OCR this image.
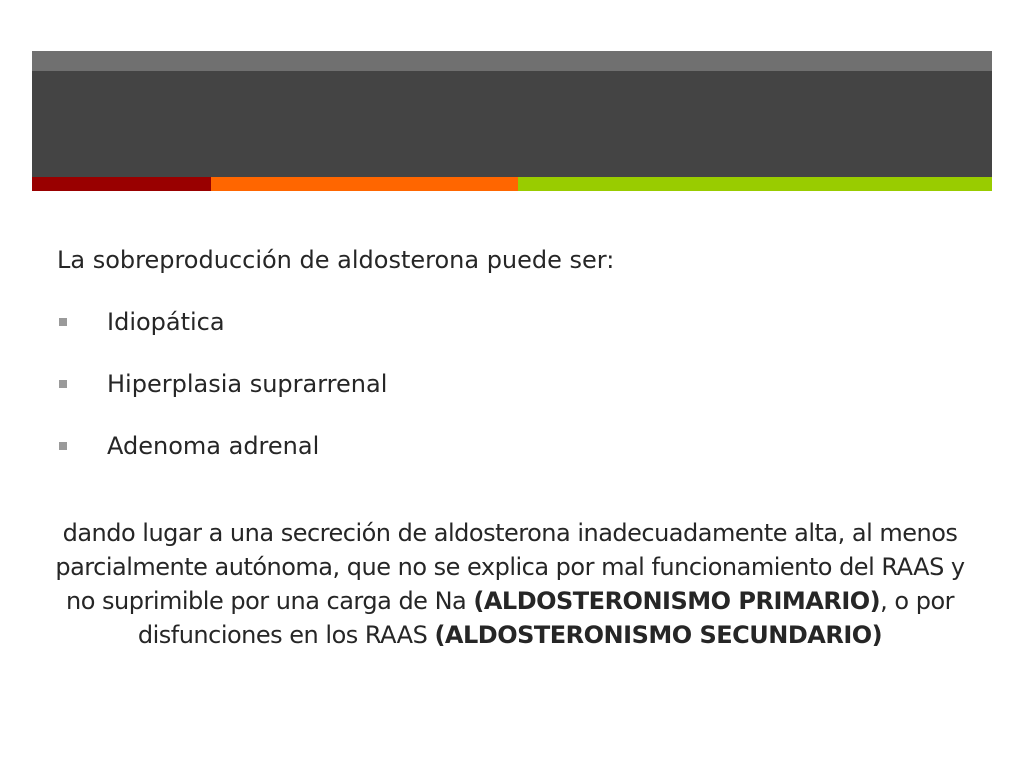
La sobreproducción de aldosterona puede ser:

Idiopática
Hiperplasia suprarrenal
Adenoma adrenal

dando lugar a una secreción de aldosterona inadecuadamente alta, al menos parcialmente autónoma, que no se explica por mal funcionamiento del RAAS y no suprimible por una carga de Na (ALDOSTERONISMO PRIMARIO), o por disfunciones en los RAAS (ALDOSTERONISMO SECUNDARIO)
